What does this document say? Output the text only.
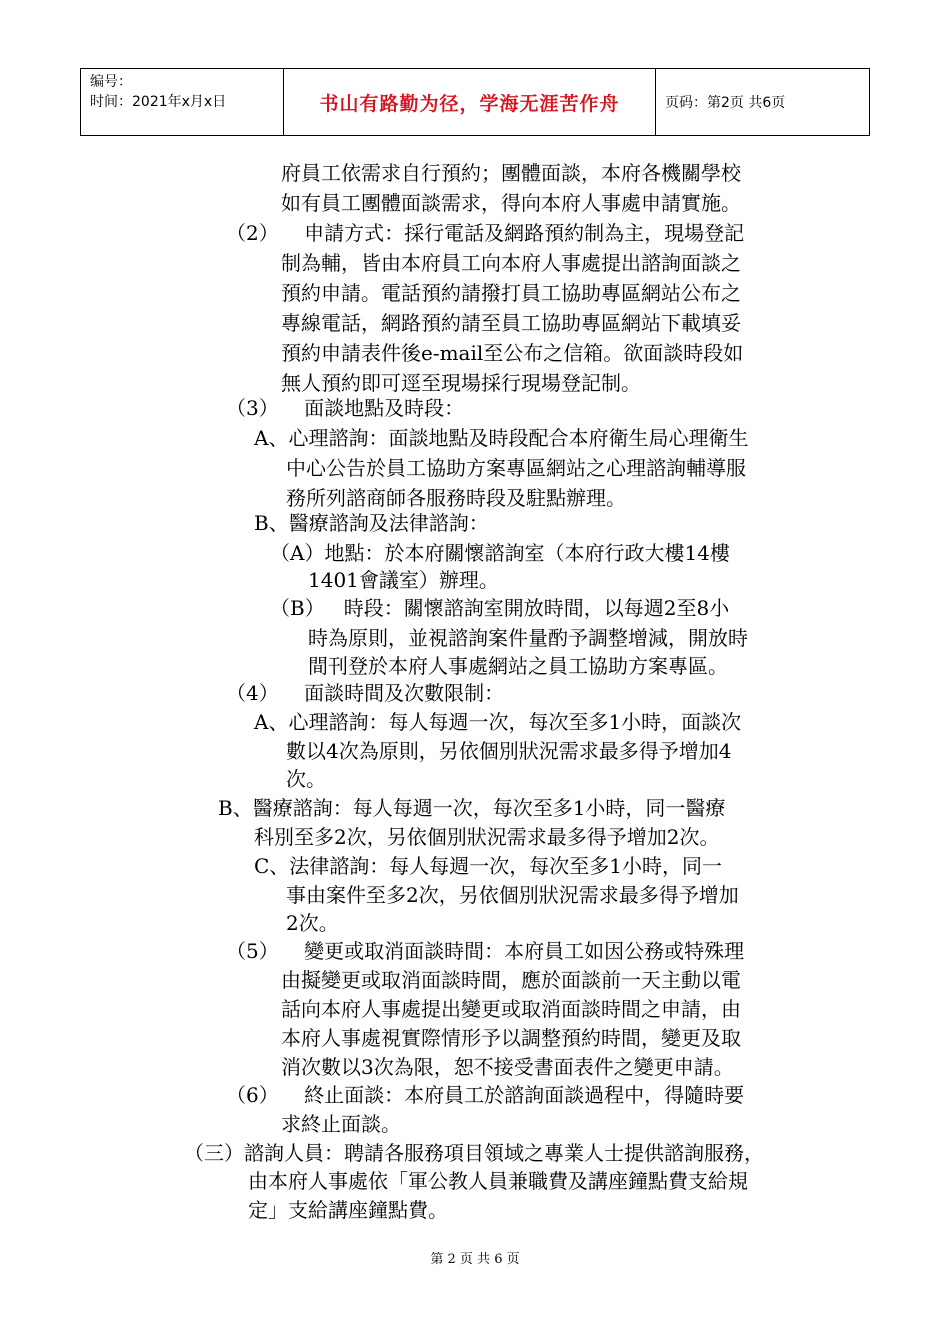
编号：
时间：2021年x月x日	书山有路勤为径，学海无涯苦作舟	页码：第2页 共6页
府員工依需求自行預約；團體面談，本府各機關學校
如有員工團體面談需求，得向本府人事處申請實施。
（2）    申請方式：採行電話及網路預約制為主，現場登記
制為輔，皆由本府員工向本府人事處提出諮詢面談之
預約申請。電話預約請撥打員工協助專區網站公布之
專線電話，網路預約請至員工協助專區網站下載填妥
預約申請表件後e-mail至公布之信箱。欲面談時段如
無人預約即可逕至現場採行現場登記制。
（3）    面談地點及時段：
A、心理諮詢：面談地點及時段配合本府衛生局心理衛生
中心公告於員工協助方案專區網站之心理諮詢輔導服
務所列諮商師各服務時段及駐點辦理。
B、醫療諮詢及法律諮詢：
（A）地點：於本府關懷諮詢室（本府行政大樓14樓
1401會議室）辦理。
（B）   時段：關懷諮詢室開放時間，以每週2至8小
時為原則，並視諮詢案件量酌予調整增減，開放時
間刊登於本府人事處網站之員工協助方案專區。
（4）    面談時間及次數限制：
A、心理諮詢：每人每週一次，每次至多1小時，面談次
數以4次為原則，另依個別狀況需求最多得予增加4
次。
B、醫療諮詢：每人每週一次，每次至多1小時，同一醫療
科別至多2次，另依個別狀況需求最多得予增加2次。
C、法律諮詢：每人每週一次，每次至多1小時，同一
事由案件至多2次，另依個別狀況需求最多得予增加
2次。
（5）    變更或取消面談時間：本府員工如因公務或特殊理
由擬變更或取消面談時間，應於面談前一天主動以電
話向本府人事處提出變更或取消面談時間之申請，由
本府人事處視實際情形予以調整預約時間，變更及取
消次數以3次為限，恕不接受書面表件之變更申請。
（6）    終止面談：本府員工於諮詢面談過程中，得隨時要
求終止面談。
（三）諮詢人員：聘請各服務項目領域之專業人士提供諮詢服務，
由本府人事處依「軍公教人員兼職費及講座鐘點費支給規
定」支給講座鐘點費。
第 2 页 共 6 页
